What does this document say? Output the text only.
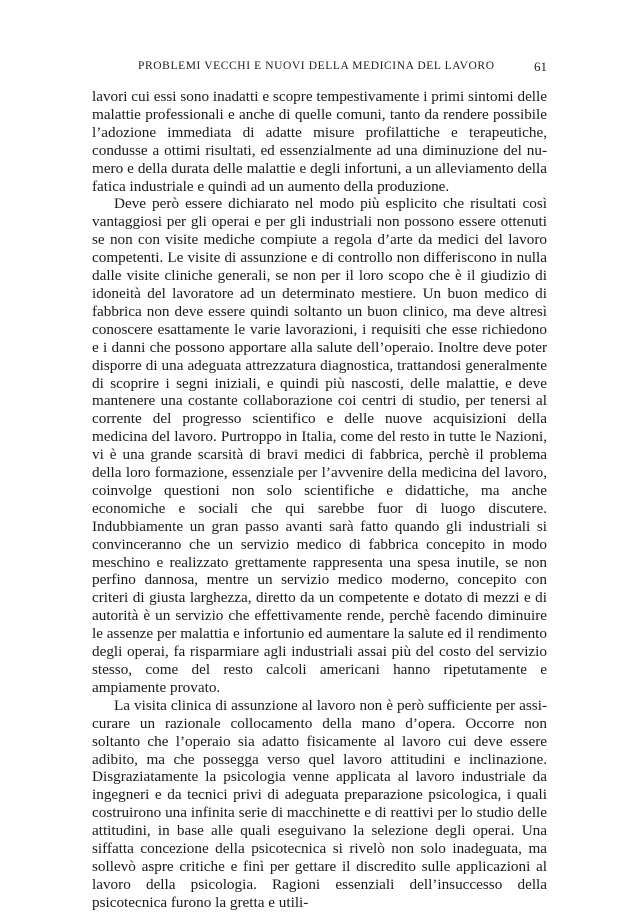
PROBLEMI VECCHI E NUOVI DELLA MEDICINA DEL LAVORO	61

lavori cui essi sono inadatti e scopre tempestivamente i primi sintomi delle malattie professionali e anche di quelle comuni, tanto da rendere possibile l’adozione immediata di adatte misure profilattiche e terapeutiche, condusse a ottimi risultati, ed essenzialmente ad una diminuzione del numero e della durata delle malattie e degli infortuni, a un alleviamento della fatica industriale e quindi ad un aumento della produzione.

Deve però essere dichiarato nel modo più esplicito che risultati così vantaggiosi per gli operai e per gli industriali non possono essere ottenuti se non con visite mediche compiute a regola d’arte da medici del lavoro competenti. Le visite di assunzione e di controllo non differiscono in nulla dalle visite cliniche generali, se non per il loro scopo che è il giudizio di idoneità del lavoratore ad un determinato mestiere. Un buon medico di fabbrica non deve essere quindi soltanto un buon clinico, ma deve altresì conoscere esattamente le varie lavorazioni, i requisiti che esse richiedono e i danni che possono apportare alla salute dell’operaio. Inoltre deve poter disporre di una adeguata attrezzatura diagnostica, trattandosi generalmente di scoprire i segni iniziali, e quindi più nascosti, delle malattie, e deve mantenere una costante collaborazione coi centri di studio, per tenersi al corrente del progresso scientifico e delle nuove acquisizioni della medicina del lavoro. Purtroppo in Italia, come del resto in tutte le Nazioni, vi è una grande scarsità di bravi medici di fabbrica, perchè il problema della loro formazione, essenziale per l’avvenire della medicina del lavoro, coinvolge questioni non solo scientifiche e didattiche, ma anche economiche e sociali che qui sarebbe fuor di luogo discutere. Indubbiamente un gran passo avanti sarà fatto quando gli industriali si convinceranno che un servizio medico di fabbrica concepito in modo meschino e realizzato grettamente rappresenta una spesa inutile, se non perfino dannosa, mentre un servizio medico moderno, concepito con criteri di giusta larghezza, diretto da un competente e dotato di mezzi e di autorità è un servizio che effettivamente rende, perchè facendo diminuire le assenze per malattia e infortunio ed aumentare la salute ed il rendimento degli operai, fa risparmiare agli industriali assai più del costo del servizio stesso, come del resto calcoli americani hanno ripetutamente e ampiamente provato.

La visita clinica di assunzione al lavoro non è però sufficiente per assicurare un razionale collocamento della mano d’opera. Occorre non soltanto che l’operaio sia adatto fisicamente al lavoro cui deve essere adibito, ma che possegga verso quel lavoro attitudini e inclinazione. Disgraziatamente la psicologia venne applicata al lavoro industriale da ingegneri e da tecnici privi di adeguata preparazione psicologica, i quali costruirono una infinita serie di macchinette e di reattivi per lo studio delle attitudini, in base alle quali eseguivano la selezione degli operai. Una siffatta concezione della psicotecnica si rivelò non solo inadeguata, ma sollevò aspre critiche e finì per gettare il discredito sulle applicazioni al lavoro della psicologia. Ragioni essenziali dell’insuccesso della psicotecnica furono la gretta e utili-
